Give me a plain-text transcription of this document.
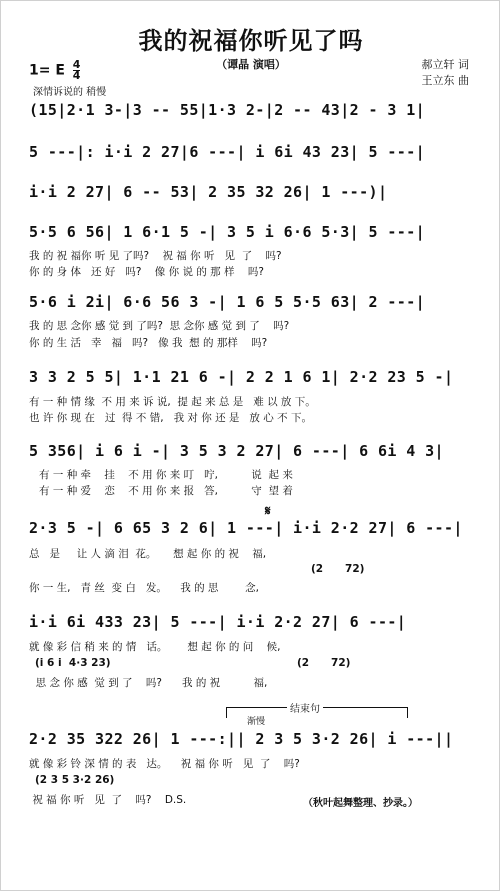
我的祝福你听见了吗
（谭晶 演唱）
1= E $\frac{4}{4}$
深情诉说的 稍慢
郝立轩 词
王立东 曲
(15|2·1 3-|3 -- 55|1·3 2-|2 -- 43|2 - 3 1|
5 ---|: i·i 2 27|6 ---| i 6i 43 23| 5 ---|
i·i 2 27| 6 -- 53| 2 35 32 26| 1 ---)|
5·5 6 56| 1 6·1 5 -| 3 5 i 6·6 5·3| 5 ---|
我 的 祝 福你 听 见 了吗?    祝 福 你 听   见  了    吗?
你 的 身 体   还 好   吗?    像 你 说 的 那 样    吗?
5·6 i 2i| 6·6 56 3 -| 1 6 5 5·5 63| 2 ---|
我 的 思 念你 感 觉 到 了吗?  思 念你 感 觉 到 了    吗?
你 的 生 活   幸   福   吗?   像 我  想 的 那样    吗?
3 3 2 5 5| 1·1 21 6 -| 2 2 1 6 1| 2·2 23 5 -|
有 一 种 情 缘  不 用 来 诉 说,  提 起 来 总 是   难 以 放 下。
也 许 你 现 在   过  得 不 错,   我 对 你 还 是   放 心 不 下。
5 356| i 6 i -| 3 5 3 2 27| 6 ---| 6 6i 4 3|
有 一 种 牵    挂    不 用 你 来 叮   咛,          说  起 来
有 一 种 爱    恋    不 用 你 来 报   答,          守  望 着
𝄋
2·3 5 -| 6 65 3 2 6| 1 ---| i·i 2·2 27| 6 ---|
总   是     让 人 滴 泪  花。     想 起 你 的 祝    福,
(2      72)
你 一 生,   青 丝  变 白   发。    我 的 思        念,
i·i 6i 433 23| 5 ---| i·i 2·2 27| 6 ---|
就 像 彩 信 稍 来 的 情   话。      想 起 你 的 问    候,
(i 6 i  4·3 23)	(2      72)
思 念 你 感  觉 到 了    吗?      我 的 祝          福,
结束句
渐慢
2·2 35 322 26| 1 ---:|| 2 3 5 3·2 26| i ---||
就 像 彩 铃 深 情 的 表   达。    祝 福 你 听   见  了    吗?
(2 3 5 3·2 26)
祝 福 你 听   见  了    吗?    D.S.	（秋叶起舞整理、抄录。）
